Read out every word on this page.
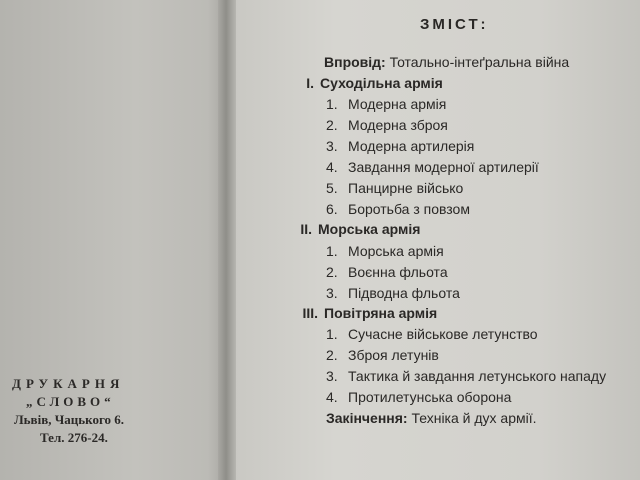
ДРУКАРНЯ
„СЛОВО“
Львів, Чацького 6.
Тел. 276-24.
ЗМІСТ:
Впровід: Тотально-інтеґральна війна
I. Суходільна армія
1. Модерна армія
2. Модерна зброя
3. Модерна артилерія
4. Завдання модерної артилерії
5. Панцирне військо
6. Боротьба з повзом
II. Морська армія
1. Морська армія
2. Воєнна фльота
3. Підводна фльота
III. Повітряна армія
1. Сучасне військове летунство
2. Зброя летунів
3. Тактика й завдання летунського нападу
4. Протилетунська оборона
Закінчення: Техніка й дух армії.
